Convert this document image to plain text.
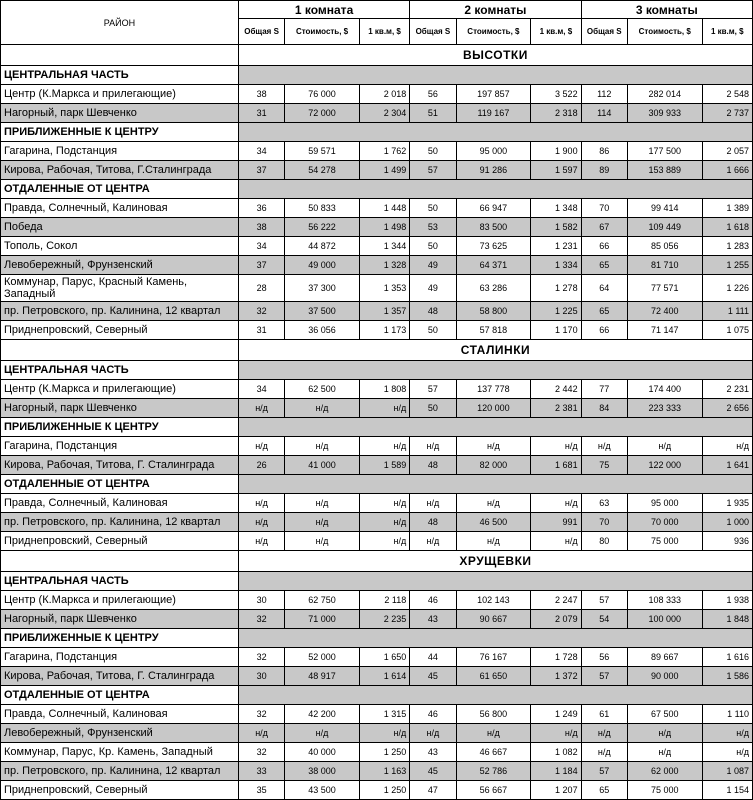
РАЙОН	1 комната			2 комнаты			3 комнаты		
	Общая S	Стоимость, $	1 кв.м, $	Общая S	Стоимость, $	1 кв.м, $	Общая S	Стоимость, $	1 кв.м, $
	ВЫСОТКИ								
ЦЕНТРАЛЬНАЯ ЧАСТЬ									
Центр (К.Маркса и прилегающие)	38	76 000	2 018	56	197 857	3 522	112	282 014	2 548
Нагорный, парк Шевченко	31	72 000	2 304	51	119 167	2 318	114	309 933	2 737
ПРИБЛИЖЕННЫЕ К ЦЕНТРУ									
Гагарина, Подстанция	34	59 571	1 762	50	95 000	1 900	86	177 500	2 057
Кирова, Рабочая, Титова, Г.Сталинграда	37	54 278	1 499	57	91 286	1 597	89	153 889	1 666
ОТДАЛЕННЫЕ ОТ ЦЕНТРА									
Правда, Солнечный, Калиновая	36	50 833	1 448	50	66 947	1 348	70	99 414	1 389
Победа	38	56 222	1 498	53	83 500	1 582	67	109 449	1 618
Тополь, Сокол	34	44 872	1 344	50	73 625	1 231	66	85 056	1 283
Левобережный, Фрунзенский	37	49 000	1 328	49	64 371	1 334	65	81 710	1 255
Коммунар, Парус, Красный Камень, Западный	28	37 300	1 353	49	63 286	1 278	64	77 571	1 226
пр. Петровского, пр. Калинина, 12 квартал	32	37 500	1 357	48	58 800	1 225	65	72 400	1 111
Приднепровский, Северный	31	36 056	1 173	50	57 818	1 170	66	71 147	1 075
	СТАЛИНКИ								
ЦЕНТРАЛЬНАЯ ЧАСТЬ									
Центр (К.Маркса и прилегающие)	34	62 500	1 808	57	137 778	2 442	77	174 400	2 231
Нагорный, парк Шевченко	н/д	н/д	н/д	50	120 000	2 381	84	223 333	2 656
ПРИБЛИЖЕННЫЕ К ЦЕНТРУ									
Гагарина, Подстанция	н/д	н/д	н/д	н/д	н/д	н/д	н/д	н/д	н/д
Кирова, Рабочая, Титова, Г. Сталинграда	26	41 000	1 589	48	82 000	1 681	75	122 000	1 641
ОТДАЛЕННЫЕ ОТ ЦЕНТРА									
Правда, Солнечный, Калиновая	н/д	н/д	н/д	н/д	н/д	н/д	63	95 000	1 935
пр. Петровского, пр. Калинина, 12 квартал	н/д	н/д	н/д	48	46 500	991	70	70 000	1 000
Приднепровский, Северный	н/д	н/д	н/д	н/д	н/д	н/д	80	75 000	936
	ХРУЩЕВКИ								
ЦЕНТРАЛЬНАЯ ЧАСТЬ									
Центр (К.Маркса и прилегающие)	30	62 750	2 118	46	102 143	2 247	57	108 333	1 938
Нагорный, парк Шевченко	32	71 000	2 235	43	90 667	2 079	54	100 000	1 848
ПРИБЛИЖЕННЫЕ К ЦЕНТРУ									
Гагарина, Подстанция	32	52 000	1 650	44	76 167	1 728	56	89 667	1 616
Кирова, Рабочая, Титова, Г. Сталинграда	30	48 917	1 614	45	61 650	1 372	57	90 000	1 586
ОТДАЛЕННЫЕ ОТ ЦЕНТРА									
Правда, Солнечный, Калиновая	32	42 200	1 315	46	56 800	1 249	61	67 500	1 110
Левобережный, Фрунзенский	н/д	н/д	н/д	н/д	н/д	н/д	н/д	н/д	н/д
Коммунар, Парус, Кр. Камень, Западный	32	40 000	1 250	43	46 667	1 082	н/д	н/д	н/д
пр. Петровского, пр. Калинина, 12 квартал	33	38 000	1 163	45	52 786	1 184	57	62 000	1 087
Приднепровский, Северный	35	43 500	1 250	47	56 667	1 207	65	75 000	1 154
